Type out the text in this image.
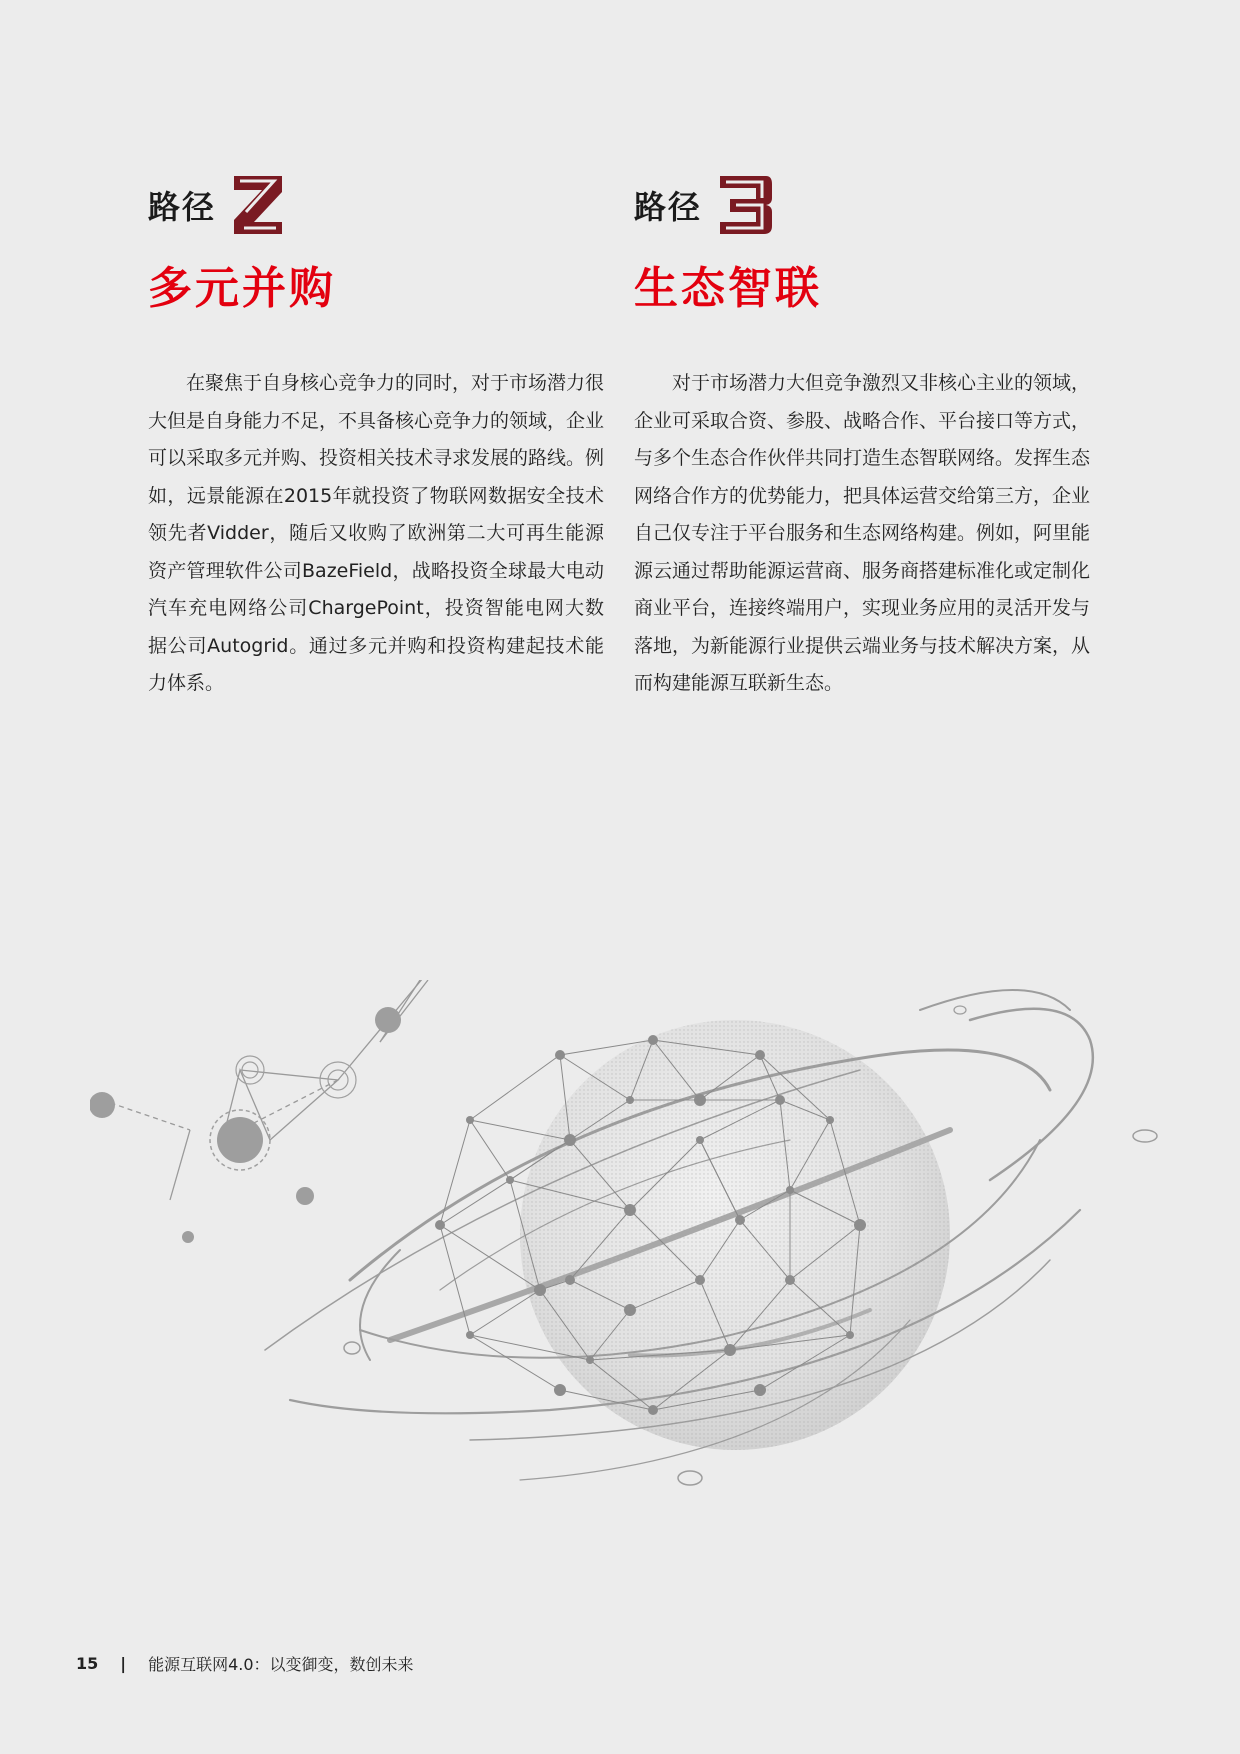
路径
多元并购
路径
生态智联

在聚焦于自身核心竞争力的同时，对于市场潜力很大但是自身能力不足，不具备核心竞争力的领域，企业可以采取多元并购、投资相关技术寻求发展的路线。例如，远景能源在2015年就投资了物联网数据安全技术领先者Vidder，随后又收购了欧洲第二大可再生能源资产管理软件公司BazeField，战略投资全球最大电动汽车充电网络公司ChargePoint，投资智能电网大数据公司Autogrid。通过多元并购和投资构建起技术能力体系。

对于市场潜力大但竞争激烈又非核心主业的领域，企业可采取合资、参股、战略合作、平台接口等方式，与多个生态合作伙伴共同打造生态智联网络。发挥生态网络合作方的优势能力，把具体运营交给第三方，企业自己仅专注于平台服务和生态网络构建。例如，阿里能源云通过帮助能源运营商、服务商搭建标准化或定制化商业平台，连接终端用户，实现业务应用的灵活开发与落地，为新能源行业提供云端业务与技术解决方案，从而构建能源互联新生态。

15 | 能源互联网4.0：以变御变，数创未来
